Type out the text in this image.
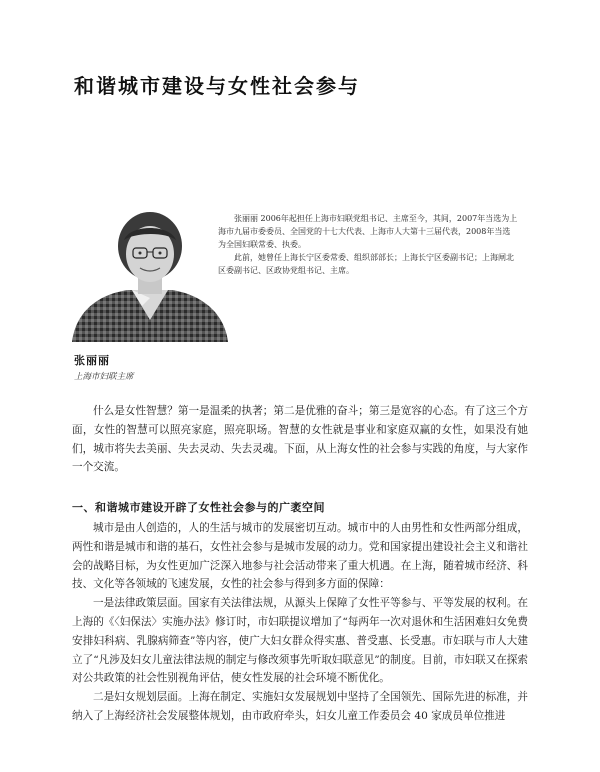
和谐城市建设与女性社会参与

张丽丽 2006年起担任上海市妇联党组书记、主席至今，其间，2007年当选为上海市九届市委委员、全国党的十七大代表、上海市人大第十三届代表，2008年当选为全国妇联常委、执委。

此前，她曾任上海长宁区委常委、组织部部长；上海长宁区委副书记；上海闸北区委副书记、区政协党组书记、主席。

张丽丽
上海市妇联主席

什么是女性智慧？第一是温柔的执著；第二是优雅的奋斗；第三是宽容的心态。有了这三个方面，女性的智慧可以照亮家庭，照亮职场。智慧的女性就是事业和家庭双赢的女性，如果没有她们，城市将失去美丽、失去灵动、失去灵魂。下面，从上海女性的社会参与实践的角度，与大家作一个交流。

一、和谐城市建设开辟了女性社会参与的广袤空间

城市是由人创造的，人的生活与城市的发展密切互动。城市中的人由男性和女性两部分组成，两性和谐是城市和谐的基石，女性社会参与是城市发展的动力。党和国家提出建设社会主义和谐社会的战略目标，为女性更加广泛深入地参与社会活动带来了重大机遇。在上海，随着城市经济、科技、文化等各领域的飞速发展，女性的社会参与得到多方面的保障：

一是法律政策层面。国家有关法律法规，从源头上保障了女性平等参与、平等发展的权利。在上海的《〈妇保法〉实施办法》修订时，市妇联提议增加了“每两年一次对退休和生活困难妇女免费安排妇科病、乳腺病筛查”等内容，使广大妇女群众得实惠、普受惠、长受惠。市妇联与市人大建立了“凡涉及妇女儿童法律法规的制定与修改须事先听取妇联意见”的制度。目前，市妇联又在探索对公共政策的社会性别视角评估，使女性发展的社会环境不断优化。

二是妇女规划层面。上海在制定、实施妇女发展规划中坚持了全国领先、国际先进的标准，并纳入了上海经济社会发展整体规划，由市政府牵头，妇女儿童工作委员会 40 家成员单位推进
